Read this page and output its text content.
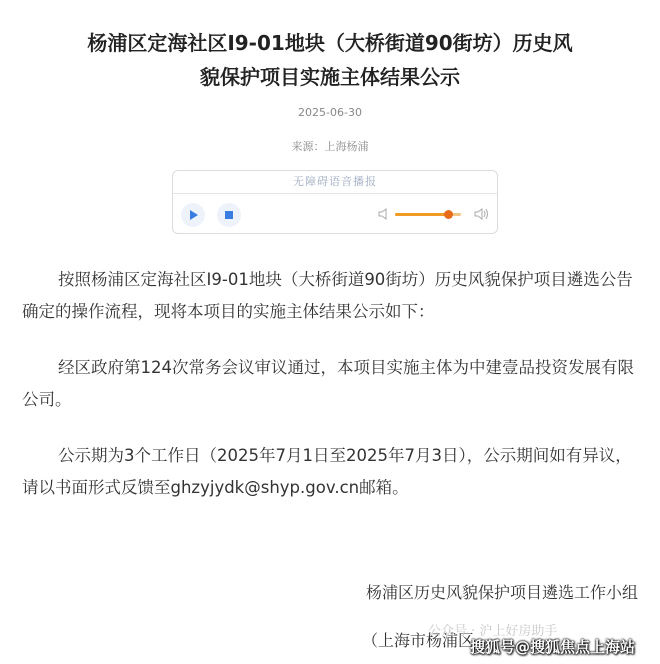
杨浦区定海社区I9-01地块（大桥街道90街坊）历史风
貌保护项目实施主体结果公示
2025-06-30
来源：上海杨浦
无障碍语音播报
按照杨浦区定海社区I9-01地块（大桥街道90街坊）历史风貌保护项目遴选公告确定的操作流程，现将本项目的实施主体结果公示如下：
经区政府第124次常务会议审议通过，本项目实施主体为中建壹品投资发展有限公司。
公示期为3个工作日（2025年7月1日至2025年7月3日），公示期间如有异议，请以书面形式反馈至ghzyjydk@shyp.gov.cn邮箱。
杨浦区历史风貌保护项目遴选工作小组
（上海市杨浦区
公众号 · 沪上好房助手
搜狐号@搜狐焦点上海站
